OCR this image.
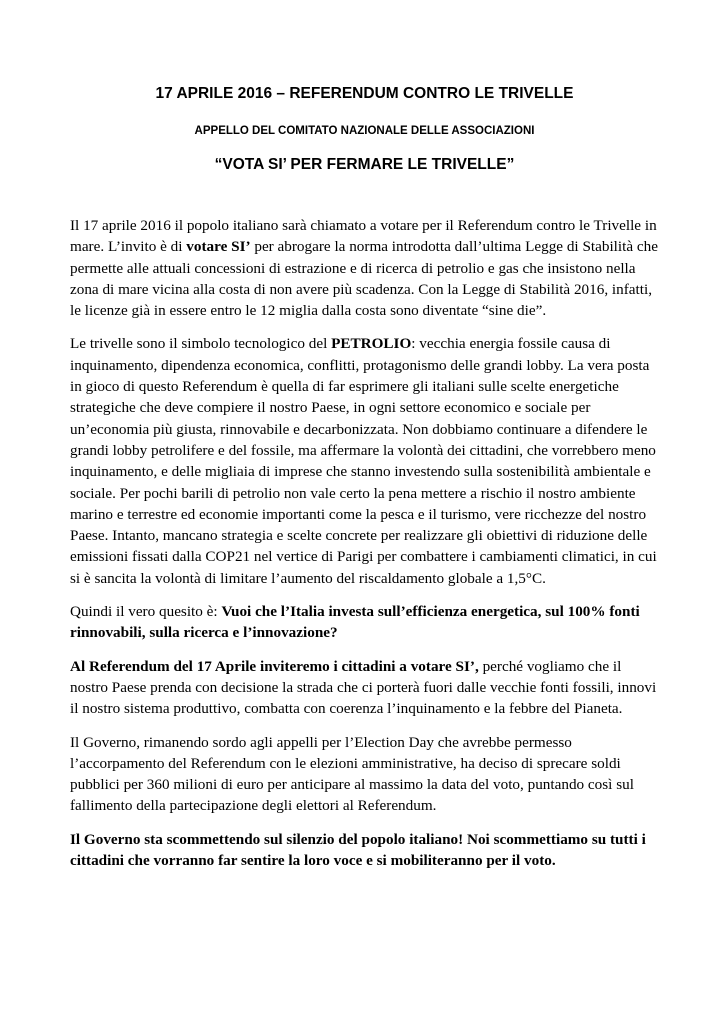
17 APRILE 2016 – REFERENDUM CONTRO LE TRIVELLE
APPELLO DEL COMITATO NAZIONALE DELLE ASSOCIAZIONI
“VOTA SI’ PER FERMARE LE TRIVELLE”

Il 17 aprile 2016 il popolo italiano sarà chiamato a votare per il Referendum contro le Trivelle in mare. L’invito è di votare SI’ per abrogare la norma introdotta dall’ultima Legge di Stabilità che permette alle attuali concessioni di estrazione e di ricerca di petrolio e gas che insistono nella zona di mare vicina alla costa di non avere più scadenza. Con la Legge di Stabilità 2016, infatti, le licenze già in essere entro le 12 miglia dalla costa sono diventate “sine die”.

Le trivelle sono il simbolo tecnologico del PETROLIO: vecchia energia fossile causa di inquinamento, dipendenza economica, conflitti, protagonismo delle grandi lobby. La vera posta in gioco di questo Referendum è quella di far esprimere gli italiani sulle scelte energetiche strategiche che deve compiere il nostro Paese, in ogni settore economico e sociale per un’economia più giusta, rinnovabile e decarbonizzata. Non dobbiamo continuare a difendere le grandi lobby petrolifere e del fossile, ma affermare la volontà dei cittadini, che vorrebbero meno inquinamento, e delle migliaia di imprese che stanno investendo sulla sostenibilità ambientale e sociale. Per pochi barili di petrolio non vale certo la pena mettere a rischio il nostro ambiente marino e terrestre ed economie importanti come la pesca e il turismo, vere ricchezze del nostro Paese. Intanto, mancano strategia e scelte concrete per realizzare gli obiettivi di riduzione delle emissioni fissati dalla COP21 nel vertice di Parigi per combattere i cambiamenti climatici, in cui si è sancita la volontà di limitare l’aumento del riscaldamento globale a 1,5°C.

Quindi il vero quesito è: Vuoi che l’Italia investa sull’efficienza energetica, sul 100% fonti rinnovabili, sulla ricerca e l’innovazione?

Al Referendum del 17 Aprile inviteremo i cittadini a votare SI’, perché vogliamo che il nostro Paese prenda con decisione la strada che ci porterà fuori dalle vecchie fonti fossili, innovi il nostro sistema produttivo, combatta con coerenza l’inquinamento e la febbre del Pianeta.

Il Governo, rimanendo sordo agli appelli per l’Election Day che avrebbe permesso l’accorpamento del Referendum con le elezioni amministrative, ha deciso di sprecare soldi pubblici per 360 milioni di euro per anticipare al massimo la data del voto, puntando così sul fallimento della partecipazione degli elettori al Referendum.

Il Governo sta scommettendo sul silenzio del popolo italiano! Noi scommettiamo su tutti i cittadini che vorranno far sentire la loro voce e si mobiliteranno per il voto.
